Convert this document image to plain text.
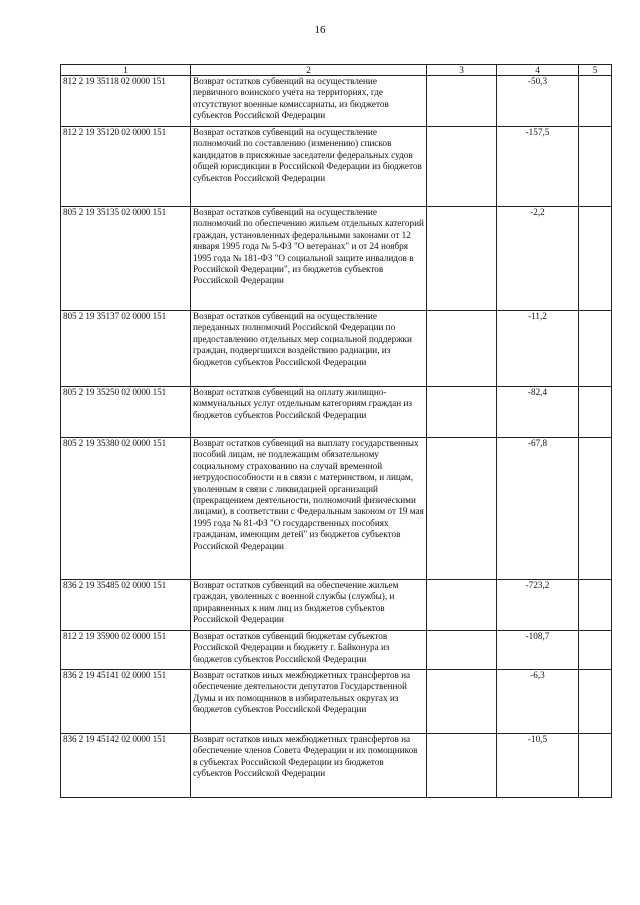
16
1	2	3	4	5
812 2 19 35118 02 0000 151	Возврат остатков субвенций на осуществление первичного воинского учета на территориях, где отсутствуют военные комиссариаты, из бюджетов субъектов Российской Федерации		-50,3	
812 2 19 35120 02 0000 151	Возврат остатков субвенций на осуществление полномочий по составлению (изменению) списков кандидатов в присяжные заседатели федеральных судов общей юрисдикции в Российской Федерации из бюджетов субъектов Российской Федерации		-157,5	
805 2 19 35135 02 0000 151	Возврат остатков субвенций на осуществление полномочий по обеспечению жильем отдельных категорий граждан, установленных федеральными законами от 12 января 1995 года № 5-ФЗ "О ветеранах" и от 24 ноября 1995 года № 181-ФЗ "О социальной защите инвалидов в Российской Федерации", из бюджетов субъектов Российской Федерации		-2,2	
805 2 19 35137 02 0000 151	Возврат остатков субвенций на осуществление переданных полномочий Российской Федерации по предоставлению отдельных мер социальной поддержки граждан, подвергшихся воздействию радиации, из бюджетов субъектов Российской Федерации		-11,2	
805 2 19 35250 02 0000 151	Возврат остатков субвенций на оплату жилищно-коммунальных услуг отдельным категориям граждан из бюджетов субъектов Российской Федерации		-82,4	
805 2 19 35380 02 0000 151	Возврат остатков субвенций на выплату государственных пособий лицам, не подлежащим обязательному социальному страхованию на случай временной нетрудоспособности и в связи с материнством, и лицам, уволенным в связи с ликвидацией организаций (прекращением деятельности, полномочий физическими лицами), в соответствии с Федеральным законом от 19 мая 1995 года № 81-ФЗ "О государственных пособиях гражданам, имеющим детей" из бюджетов субъектов Российской Федерации		-67,8	
836 2 19 35485 02 0000 151	Возврат остатков субвенций на обеспечение жильем граждан, уволенных с военной службы (службы), и приравненных к ним лиц из бюджетов субъектов Российской Федерации		-723,2	
812 2 19 35900 02 0000 151	Возврат остатков субвенций бюджетам субъектов Российской Федерации и бюджету г. Байконура из бюджетов субъектов Российской Федерации		-108,7	
836 2 19 45141 02 0000 151	Возврат остатков иных межбюджетных трансфертов на обеспечение деятельности депутатов Государственной Думы и их помощников в избирательных округах из бюджетов субъектов Российской Федерации		-6,3	
836 2 19 45142 02 0000 151	Возврат остатков иных межбюджетных трансфертов на обеспечение членов Совета Федерации и их помощников в субъектах Российской Федерации из бюджетов субъектов Российской Федерации		-10,5	
